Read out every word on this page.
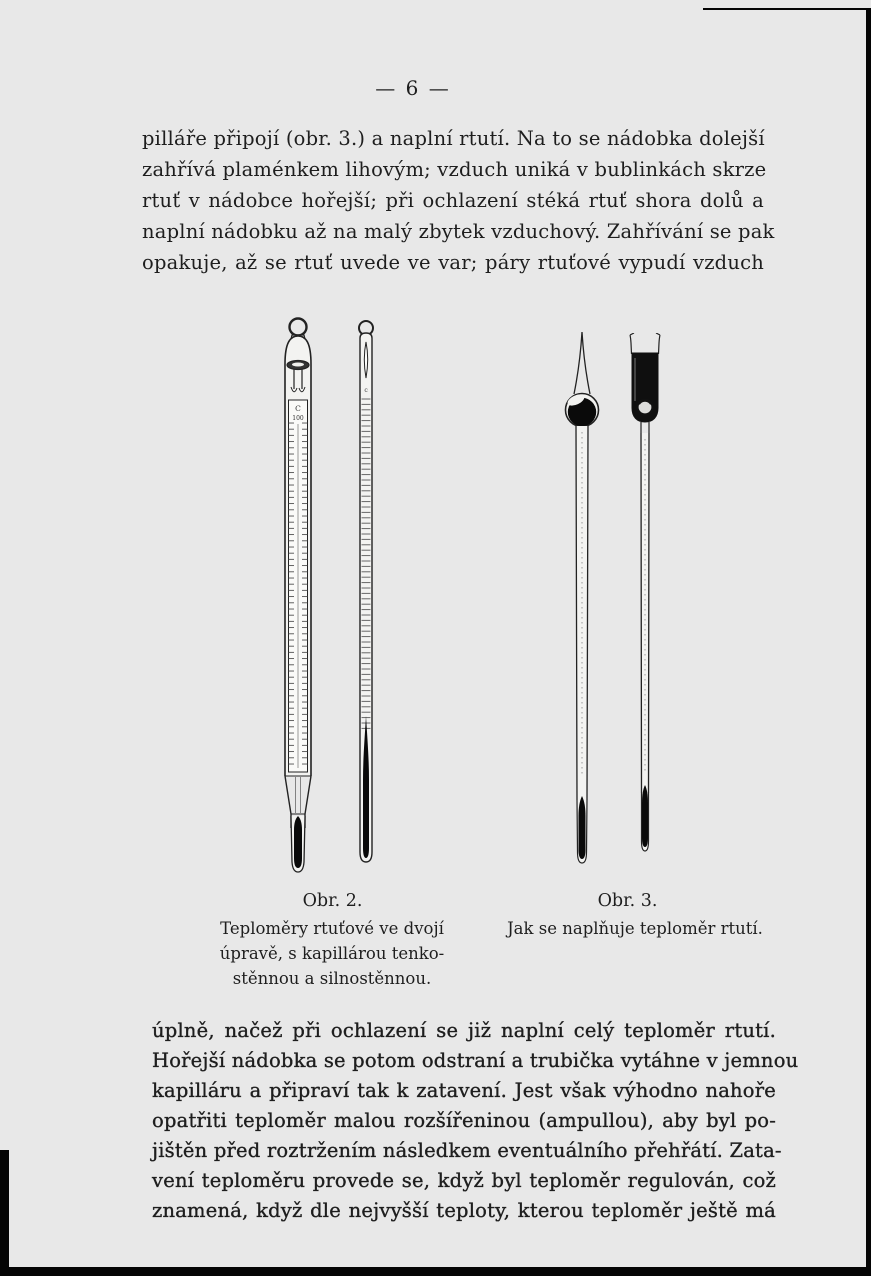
— 6 —
pilláře připojí (obr. 3.) a naplní rtutí. Na to se nádobka dolejší
zahřívá plaménkem lihovým; vzduch uniká v bublinkách skrze
rtuť v nádobce hořejší; při ochlazení stéká rtuť shora dolů a
naplní nádobku až na malý zbytek vzduchový. Zahřívání se pak
opakuje, až se rtuť uvede ve var; páry rtuťové vypudí vzduch
C
100
c
Obr. 2.
Teploměry rtuťové ve dvojí
úpravě, s kapillárou tenko-
stěnnou a silnostěnnou.
Obr. 3.
Jak se naplňuje teploměr rtutí.
úplně, načež při ochlazení se již naplní celý teploměr rtutí.
Hořejší nádobka se potom odstraní a trubička vytáhne v jemnou
kapilláru a připraví tak k zatavení. Jest však výhodno nahoře
opatřiti teploměr malou rozšířeninou (ampullou), aby byl po-
jištěn před roztržením následkem eventuálního přehřátí. Zata-
vení teploměru provede se, když byl teploměr regulován, což
znamená, když dle nejvyšší teploty, kterou teploměr ještě má
